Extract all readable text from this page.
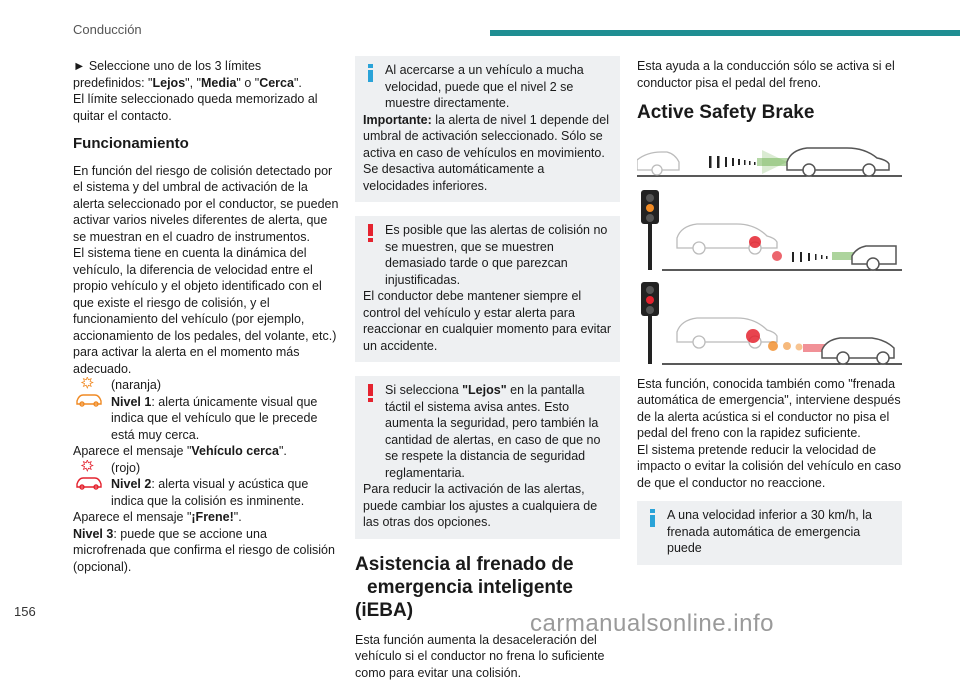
Conducción

► Seleccione uno de los 3 límites

predefinidos: "Lejos", "Media" o "Cerca".

El límite seleccionado queda memorizado al quitar el contacto.

Funcionamiento

En función del riesgo de colisión detectado por el sistema y del umbral de activación de la alerta seleccionado por el conductor, se pueden activar varios niveles diferentes de alerta, que se muestran en el cuadro de instrumentos.

El sistema tiene en cuenta la dinámica del vehículo, la diferencia de velocidad entre el propio vehículo y el objeto identificado con el que existe el riesgo de colisión, y el funcionamiento del vehículo (por ejemplo, accionamiento de los pedales, del volante, etc.) para activar la alerta en el momento más adecuado.

(naranja)

Nivel 1: alerta únicamente visual que indica que el vehículo que le precede está muy cerca.

Aparece el mensaje "Vehículo cerca".

(rojo)

Nivel 2: alerta visual y acústica que indica que la colisión es inminente.

Aparece el mensaje "¡Frene!".

Nivel 3: puede que se accione una microfrenada que confirma el riesgo de colisión (opcional).

Al acercarse a un vehículo a mucha velocidad, puede que el nivel 2 se muestre directamente.

Importante: la alerta de nivel 1 depende del umbral de activación seleccionado. Sólo se activa en caso de vehículos en movimiento.

Se desactiva automáticamente a velocidades inferiores.

Es posible que las alertas de colisión no se muestren, que se muestren demasiado tarde o que parezcan injustificadas.

El conductor debe mantener siempre el control del vehículo y estar alerta para reaccionar en cualquier momento para evitar un accidente.

Si selecciona "Lejos" en la pantalla táctil el sistema avisa antes. Esto aumenta la seguridad, pero también la cantidad de alertas, en caso de que no se respete la distancia de seguridad reglamentaria.

Para reducir la activación de las alertas, puede cambiar los ajustes a cualquiera de las otras dos opciones.

Asistencia al frenado de
emergencia inteligente
(iEBA)

Esta función aumenta la desaceleración del vehículo si el conductor no frena lo suficiente como para evitar una colisión.

Esta ayuda a la conducción sólo se activa si el conductor pisa el pedal del freno.

Active Safety Brake

Esta función, conocida también como "frenada automática de emergencia", interviene después de la alerta acústica si el conductor no pisa el pedal del freno con la rapidez suficiente.

El sistema pretende reducir la velocidad de impacto o evitar la colisión del vehículo en caso de que el conductor no reaccione.

A una velocidad inferior a 30 km/h, la frenada automática de emergencia puede

156	carmanualsonline.info
